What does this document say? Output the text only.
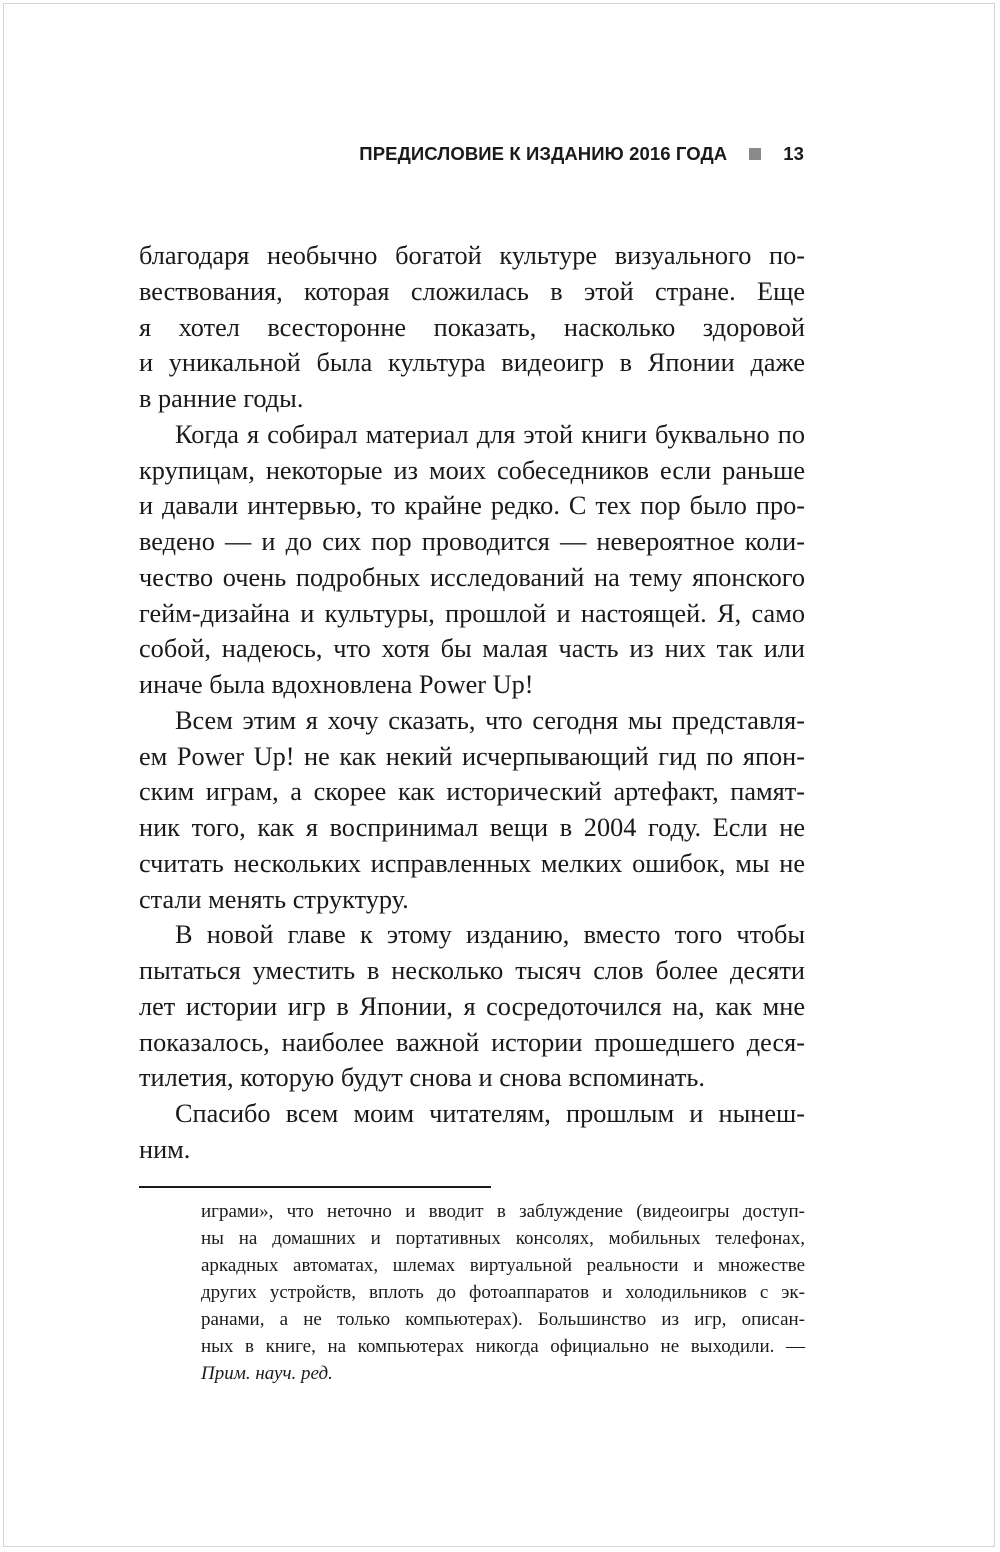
ПРЕДИСЛОВИЕ К ИЗДАНИЮ 2016 ГОДА	13
благодаря необычно богатой культуре визуального по-
вествования, которая сложилась в этой стране. Еще
я хотел всесторонне показать, насколько здоровой
и уникальной была культура видеоигр в Японии даже
в ранние годы.
Когда я собирал материал для этой книги буквально по
крупицам, некоторые из моих собеседников если раньше
и давали интервью, то крайне редко. С тех пор было про-
ведено — и до сих пор проводится — невероятное коли-
чество очень подробных исследований на тему японского
гейм-дизайна и культуры, прошлой и настоящей. Я, само
собой, надеюсь, что хотя бы малая часть из них так или
иначе была вдохновлена Power Up!
Всем этим я хочу сказать, что сегодня мы представля-
ем Power Up! не как некий исчерпывающий гид по япон-
ским играм, а скорее как исторический артефакт, памят-
ник того, как я воспринимал вещи в 2004 году. Если не
считать нескольких исправленных мелких ошибок, мы не
стали менять структуру.
В новой главе к этому изданию, вместо того чтобы
пытаться уместить в несколько тысяч слов более десяти
лет истории игр в Японии, я сосредоточился на, как мне
показалось, наиболее важной истории прошедшего деся-
тилетия, которую будут снова и снова вспоминать.
Спасибо всем моим читателям, прошлым и нынеш-
ним.
играми», что неточно и вводит в заблуждение (видеоигры доступ-
ны на домашних и портативных консолях, мобильных телефонах,
аркадных автоматах, шлемах виртуальной реальности и множестве
других устройств, вплоть до фотоаппаратов и холодильников с эк-
ранами, а не только компьютерах). Большинство из игр, описан-
ных в книге, на компьютерах никогда официально не выходили. —
Прим. науч. ред.
